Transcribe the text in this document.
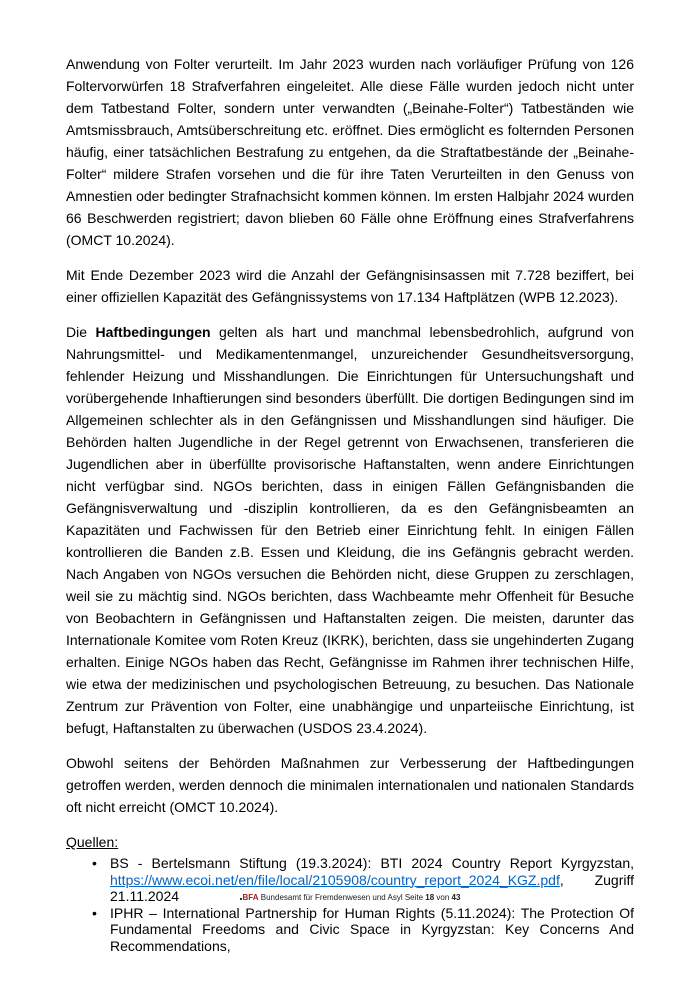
Anwendung von Folter verurteilt. Im Jahr 2023 wurden nach vorläufiger Prüfung von 126 Foltervorwürfen 18 Strafverfahren eingeleitet. Alle diese Fälle wurden jedoch nicht unter dem Tatbestand Folter, sondern unter verwandten („Beinahe-Folter“) Tatbeständen wie Amtsmissbrauch, Amtsüberschreitung etc. eröffnet. Dies ermöglicht es folternden Personen häufig, einer tatsächlichen Bestrafung zu entgehen, da die Straftatbestände der „Beinahe-Folter“ mildere Strafen vorsehen und die für ihre Taten Verurteilten in den Genuss von Amnestien oder bedingter Strafnachsicht kommen können. Im ersten Halbjahr 2024 wurden 66 Beschwerden registriert; davon blieben 60 Fälle ohne Eröffnung eines Strafverfahrens (OMCT 10.2024).

Mit Ende Dezember 2023 wird die Anzahl der Gefängnisinsassen mit 7.728 beziffert, bei einer offiziellen Kapazität des Gefängnissystems von 17.134 Haftplätzen (WPB 12.2023).

Die Haftbedingungen gelten als hart und manchmal lebensbedrohlich, aufgrund von Nahrungsmittel- und Medikamentenmangel, unzureichender Gesundheitsversorgung, fehlender Heizung und Misshandlungen. Die Einrichtungen für Untersuchungshaft und vorübergehende Inhaftierungen sind besonders überfüllt. Die dortigen Bedingungen sind im Allgemeinen schlechter als in den Gefängnissen und Misshandlungen sind häufiger. Die Behörden halten Jugendliche in der Regel getrennt von Erwachsenen, transferieren die Jugendlichen aber in überfüllte provisorische Haftanstalten, wenn andere Einrichtungen nicht verfügbar sind. NGOs berichten, dass in einigen Fällen Gefängnisbanden die Gefängnisverwaltung und -disziplin kontrollieren, da es den Gefängnisbeamten an Kapazitäten und Fachwissen für den Betrieb einer Einrichtung fehlt. In einigen Fällen kontrollieren die Banden z.B. Essen und Kleidung, die ins Gefängnis gebracht werden. Nach Angaben von NGOs versuchen die Behörden nicht, diese Gruppen zu zerschlagen, weil sie zu mächtig sind. NGOs berichten, dass Wachbeamte mehr Offenheit für Besuche von Beobachtern in Gefängnissen und Haftanstalten zeigen. Die meisten, darunter das Internationale Komitee vom Roten Kreuz (IKRK), berichten, dass sie ungehinderten Zugang erhalten. Einige NGOs haben das Recht, Gefängnisse im Rahmen ihrer technischen Hilfe, wie etwa der medizinischen und psychologischen Betreuung, zu besuchen. Das Nationale Zentrum zur Prävention von Folter, eine unabhängige und unparteiische Einrichtung, ist befugt, Haftanstalten zu überwachen (USDOS 23.4.2024).

Obwohl seitens der Behörden Maßnahmen zur Verbesserung der Haftbedingungen getroffen werden, werden dennoch die minimalen internationalen und nationalen Standards oft nicht erreicht (OMCT 10.2024).

Quellen:

• BS - Bertelsmann Stiftung (19.3.2024): BTI 2024 Country Report Kyrgyzstan, https://www.ecoi.net/en/file/local/2105908/country_report_2024_KGZ.pdf, Zugriff 21.11.2024
• IPHR – International Partnership for Human Rights (5.11.2024): The Protection Of Fundamental Freedoms and Civic Space in Kyrgyzstan: Key Concerns And Recommendations,
BFA Bundesamt für Fremdenwesen und Asyl Seite 18 von 43
